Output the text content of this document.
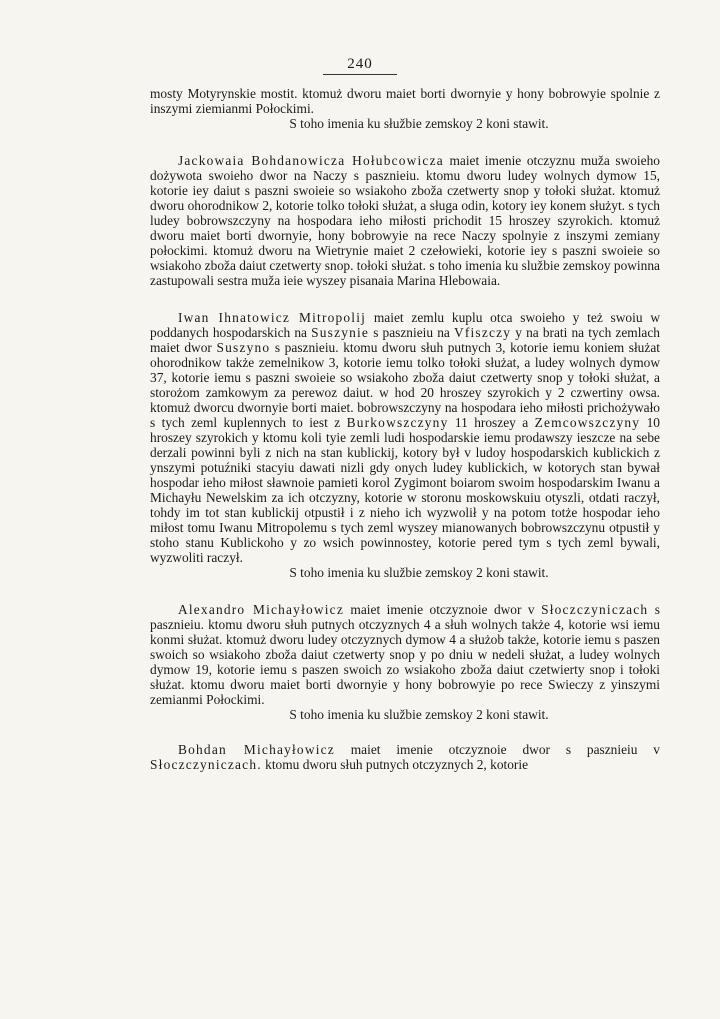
240

mosty Motyrynskie mostit. ktomuż dworu maiet borti dwornyie y hony bobrowyie spolnie z inszymi ziemianmi Połockimi.

S toho imenia ku słužbie zemskoy 2 koni stawit.

Jackowaia Bohdanowicza Hołubcowicza maiet imenie otczyznu muža swoieho dożywota swoieho dwor na Naczy s pasznieiu. ktomu dworu ludey wolnych dymow 15, kotorie iey daiut s paszni swoieie so wsiakoho zboža czetwerty snop y tołoki służat. ktomuż dworu ohorodnikow 2, kotorie tolko tołoki służat, a sługa odin, kotory iey konem służyt. s tych ludey bobrowszczyny na hospodara ieho miłosti prichodit 15 hroszey szyrokich. ktomuż dworu maiet borti dwornyie, hony bobrowyie na rece Naczy spolnyie z inszymi zemiany połockimi. ktomuż dworu na Wietrynie maiet 2 czełowieki, kotorie iey s paszni swoieie so wsiakoho zboža daiut czetwerty snop. tołoki służat. s toho imenia ku službie zemskoy powinna zastupowali sestra muža ieie wyszey pisanaia Marina Hlebowaia.

Iwan Ihnatowicz Mitropolij maiet zemlu kuplu otca swoieho y też swoiu w poddanych hospodarskich na Suszynie s pasznieiu na Vfiszczy y na brati na tych zemlach maiet dwor Suszyno s pasznieiu. ktomu dworu słuh putnych 3, kotorie iemu koniem służat ohorodnikow także zemelnikow 3, kotorie iemu tolko tołoki służat, a ludey wolnych dymow 37, kotorie iemu s paszni swoieie so wsiakoho zboža daiut czetwerty snop y tołoki służat, a storożom zamkowym za perewoz daiut. w hod 20 hroszey szyrokich y 2 czwertiny owsa. ktomuż dworcu dwornyie borti maiet. bobrowszczyny na hospodara ieho miłosti prichożywało s tych zeml kuplennych to iest z Burkowszczyny 11 hroszey a Zemcowszczyny 10 hroszey szyrokich y ktomu koli tyie zemli ludi hospodarskie iemu prodawszy ieszcze na sebe derzali powinni byli z nich na stan kublickij, kotory był v ludoy hospodarskich kublickich z ynszymi potuźniki stacyiu dawati nizli gdy onych ludey kublickich, w kotorych stan bywał hospodar ieho miłost sławnoie pamieti korol Zygimont boiarom swoim hospodarskim Iwanu a Michayłu Newelskim za ich otczyzny, kotorie w storonu moskowskuiu otyszli, otdati raczył, tohdy im tot stan kublickij otpustił i z nieho ich wyzwolił y na potom totże hospodar ieho miłost tomu Iwanu Mitropolemu s tych zeml wyszey mianowanych bobrowszczynu otpustił y stoho stanu Kublickoho y zo wsich powinnostey, kotorie pered tym s tych zeml bywali, wyzwoliti raczył.

S toho imenia ku službie zemskoy 2 koni stawit.

Alexandro Michayłowicz maiet imenie otczyznoie dwor v Słoczczyniczach s pasznieiu. ktomu dworu słuh putnych otczyznych 4 a słuh wolnych także 4, kotorie wsi iemu konmi służat. ktomuż dworu ludey otczyznych dymow 4 a służob także, kotorie iemu s paszen swoich so wsiakoho zboža daiut czetwerty snop y po dniu w nedeli służat, a ludey wolnych dymow 19, kotorie iemu s paszen swoich zo wsiakoho zboža daiut czetwierty snop i tołoki służat. ktomu dworu maiet borti dwornyie y hony bobrowyie po rece Swieczy z yinszymi zemianmi Połockimi.

S toho imenia ku službie zemskoy 2 koni stawit.

Bohdan Michayłowicz maiet imenie otczyznoie dwor s pasznieiu v Słoczczyniczach. ktomu dworu słuh putnych otczyznych 2, kotorie
